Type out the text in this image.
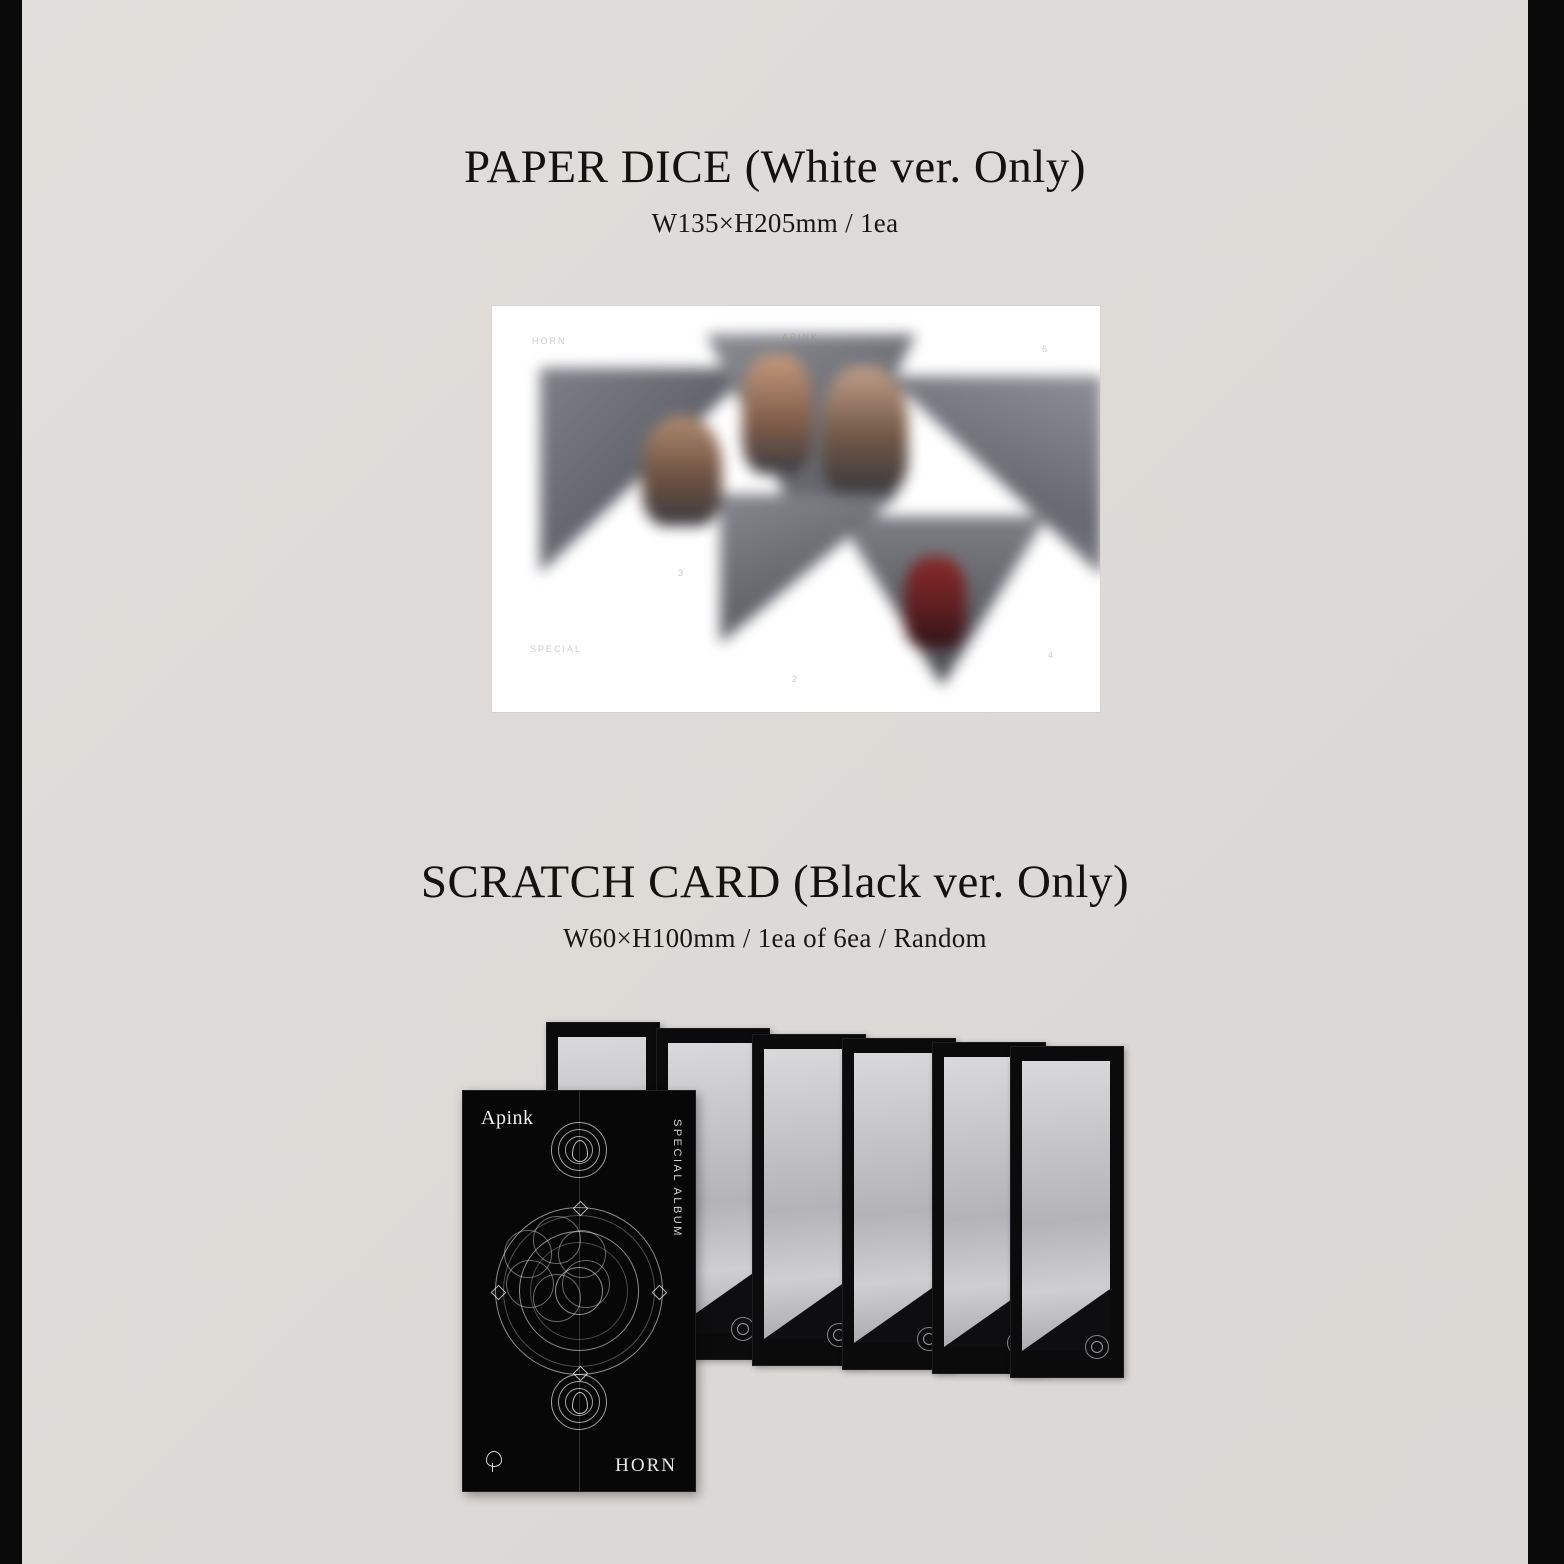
PAPER DICE (White ver. Only)
W135×H205mm / 1ea
HORN
6
SPECIAL
2
4
3
SCRATCH CARD (Black ver. Only)
W60×H100mm / 1ea of 6ea / Random
Apink
SPECIAL ALBUM
HORN
